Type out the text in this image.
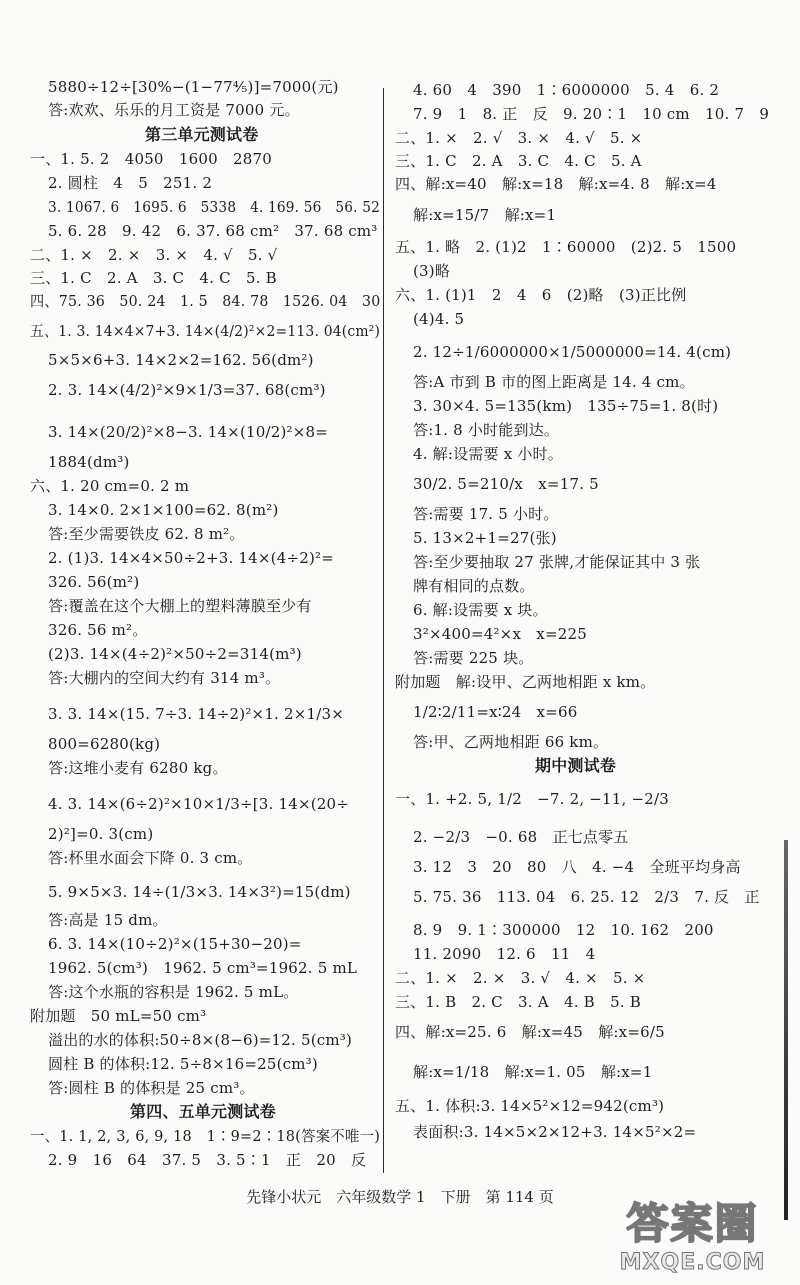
5880÷12÷[30%−(1−77⅘)]=7000(元)
答:欢欢、乐乐的月工资是 7000 元。
第三单元测试卷
一、1. 5. 2　4050　1600　2870
2. 圆柱　4　5　251. 2
3. 1067. 6　1695. 6　5338　4. 169. 56　56. 52
5. 6. 28　9. 42　6. 37. 68 cm²　37. 68 cm³
二、1. ×　2. ×　3. ×　4. √　5. √
三、1. C　2. A　3. C　4. C　5. B
四、75. 36　50. 24　1. 5　84. 78　1526. 04　30
五、1. 3. 14×4×7+3. 14×(4/2)²×2=113. 04(cm²)
5×5×6+3. 14×2×2=162. 56(dm²)
2. 3. 14×(4/2)²×9×1/3=37. 68(cm³)
3. 14×(20/2)²×8−3. 14×(10/2)²×8=
1884(dm³)
六、1. 20 cm=0. 2 m
3. 14×0. 2×1×100=62. 8(m²)
答:至少需要铁皮 62. 8 m²。
2. (1)3. 14×4×50÷2+3. 14×(4÷2)²=
326. 56(m²)
答:覆盖在这个大棚上的塑料薄膜至少有
326. 56 m²。
(2)3. 14×(4÷2)²×50÷2=314(m³)
答:大棚内的空间大约有 314 m³。
3. 3. 14×(15. 7÷3. 14÷2)²×1. 2×1/3×
800=6280(kg)
答:这堆小麦有 6280 kg。
4. 3. 14×(6÷2)²×10×1/3÷[3. 14×(20÷
2)²]=0. 3(cm)
答:杯里水面会下降 0. 3 cm。
5. 9×5×3. 14÷(1/3×3. 14×3²)=15(dm)
答:高是 15 dm。
6. 3. 14×(10÷2)²×(15+30−20)=
1962. 5(cm³)　1962. 5 cm³=1962. 5 mL
答:这个水瓶的容积是 1962. 5 mL。
附加题　50 mL=50 cm³
溢出的水的体积:50÷8×(8−6)=12. 5(cm³)
圆柱 B 的体积:12. 5÷8×16=25(cm³)
答:圆柱 B 的体积是 25 cm³。
第四、五单元测试卷
一、1. 1, 2, 3, 6, 9, 18　1∶9=2∶18(答案不唯一)
2. 9　16　64　37. 5　3. 5∶1　正　20　反
4. 60　4　390　1∶6000000　5. 4　6. 2
7. 9　1　8. 正　反　9. 20∶1　10 cm　10. 7　9
二、1. ×　2. √　3. ×　4. √　5. ×
三、1. C　2. A　3. C　4. C　5. A
四、解:x=40　解:x=18　解:x=4. 8　解:x=4
解:x=15/7　解:x=1
五、1. 略　2. (1)2　1∶60000　(2)2. 5　1500
(3)略
六、1. (1)1　2　4　6　(2)略　(3)正比例
(4)4. 5
2. 12÷1/6000000×1/5000000=14. 4(cm)
答:A 市到 B 市的图上距离是 14. 4 cm。
3. 30×4. 5=135(km)　135÷75=1. 8(时)
答:1. 8 小时能到达。
4. 解:设需要 x 小时。
30/2. 5=210/x　x=17. 5
答:需要 17. 5 小时。
5. 13×2+1=27(张)
答:至少要抽取 27 张牌,才能保证其中 3 张
牌有相同的点数。
6. 解:设需要 x 块。
3²×400=4²×x　x=225
答:需要 225 块。
附加题　解:设甲、乙两地相距 x km。
1/2∶2/11=x∶24　x=66
答:甲、乙两地相距 66 km。
期中测试卷
一、1. +2. 5, 1/2　−7. 2, −11, −2/3
2. −2/3　−0. 68　正七点零五
3. 12　3　20　80　八　4. −4　全班平均身高
5. 75. 36　113. 04　6. 25. 12　2/3　7. 反　正
8. 9　9. 1∶300000　12　10. 162　200
11. 2090　12. 6　11　4
二、1. ×　2. ×　3. √　4. ×　5. ×
三、1. B　2. C　3. A　4. B　5. B
四、解:x=25. 6　解:x=45　解:x=6/5
解:x=1/18　解:x=1. 05　解:x=1
五、1. 体积:3. 14×5²×12=942(cm³)
表面积:3. 14×5×2×12+3. 14×5²×2=
先锋小状元　六年级数学 1　下册　第 114 页
答案圈
MXQE.COM
